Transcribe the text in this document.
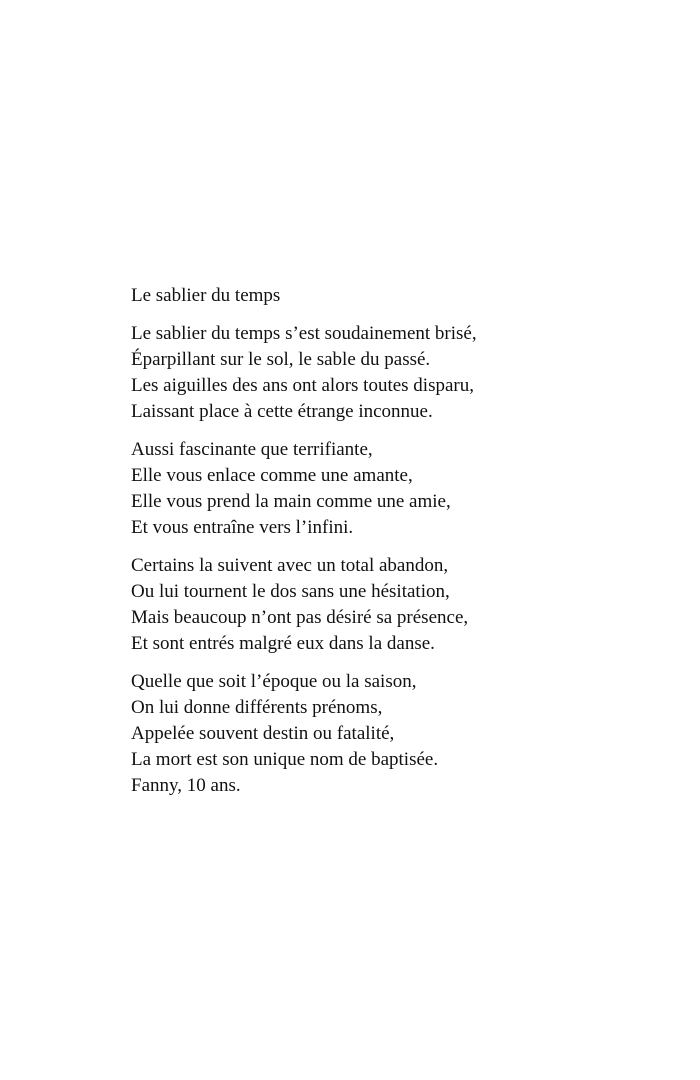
Le sablier du temps
Le sablier du temps s’est soudainement brisé,
Éparpillant sur le sol, le sable du passé.
Les aiguilles des ans ont alors toutes disparu,
Laissant place à cette étrange inconnue.
Aussi fascinante que terrifiante,
Elle vous enlace comme une amante,
Elle vous prend la main comme une amie,
Et vous entraîne vers l’infini.
Certains la suivent avec un total abandon,
Ou lui tournent le dos sans une hésitation,
Mais beaucoup n’ont pas désiré sa présence,
Et sont entrés malgré eux dans la danse.
Quelle que soit l’époque ou la saison,
On lui donne différents prénoms,
Appelée souvent destin ou fatalité,
La mort est son unique nom de baptisée.
Fanny, 10 ans.
